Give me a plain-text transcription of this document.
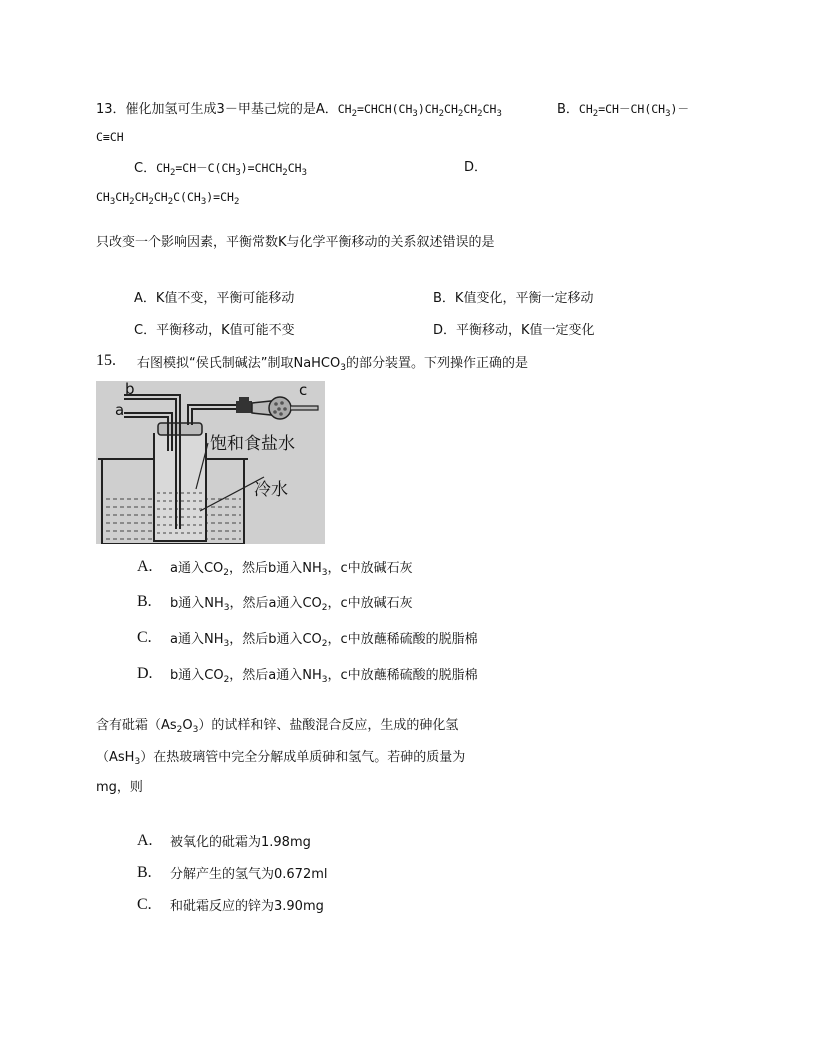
13．催化加氢可生成3－甲基己烷的是A．$CH_2=CHCH(CH_3)CH_2CH_2CH_2CH_3$	B．$CH_2=CH-CH(CH_3)-$
C≡CH
C．$CH_2=CH-C(CH_3)=CHCH_2CH_3$	D．
$CH_3CH_2CH_2CH_2C(CH_3)=CH_2$
只改变一个影响因素，平衡常数K与化学平衡移动的关系叙述错误的是
A．K值不变，平衡可能移动	B．K值变化，平衡一定移动
C．平衡移动，K值可能不变	D．平衡移动，K值一定变化
15. 右图模拟“侯氏制碱法”制取NaHCO$_3$的部分装置。下列操作正确的是
b
a
c
饱和食盐水
冷水
A. a通入$CO_2$，然后b通入$NH_3$，c中放碱石灰
B. b通入$NH_3$，然后a通入$CO_2$，c中放碱石灰
C. a通入$NH_3$，然后b通入$CO_2$，c中放蘸稀硫酸的脱脂棉
D. b通入$CO_2$，然后a通入$NH_3$，c中放蘸稀硫酸的脱脂棉
含有砒霜$(As_2O_3)$的试样和锌、盐酸混合反应，生成的砷化氢
（AsH$_3$）在热玻璃管中完全分解成单质砷和氢气。若砷的质量为
mg，则
A. 被氧化的砒霜为1.98mg
B. 分解产生的氢气为0.672ml
C. 和砒霜反应的锌为3.90mg
